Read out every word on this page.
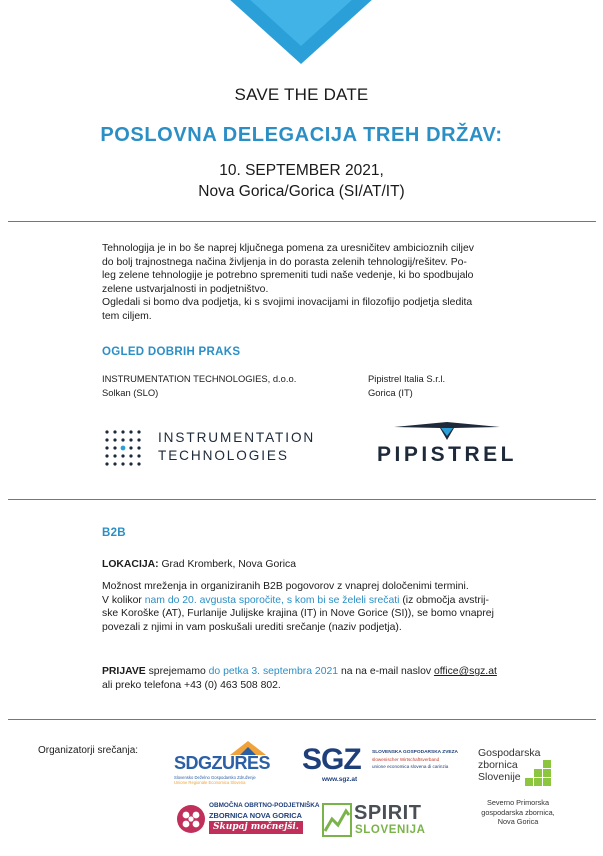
SAVE THE DATE
POSLOVNA DELEGACIJA TREH DRŽAV:
10. SEPTEMBER 2021,
Nova Gorica/Gorica (SI/AT/IT)
Tehnologija je in bo še naprej ključnega pomena za uresničitev ambicioznih ciljev
do bolj trajnostnega načina življenja in do porasta zelenih tehnologij/rešitev. Po-
leg zelene tehnologije je potrebno spremeniti tudi naše vedenje, ki bo spodbujalo
zelene ustvarjalnosti in podjetništvo.
Ogledali si bomo dva podjetja, ki s svojimi inovacijami in filozofijo podjetja sledita
tem ciljem.
OGLED DOBRIH PRAKS
INSTRUMENTATION TECHNOLOGIES, d.o.o.
Solkan (SLO)
Pipistrel Italia S.r.l.
Gorica (IT)
INSTRUMENTATION
TECHNOLOGIES	PIPISTREL
B2B
LOKACIJA: Grad Kromberk, Nova Gorica
Možnost mreženja in organiziranih B2B pogovorov z vnaprej določenimi termini.
V kolikor nam do 20. avgusta sporočite, s kom bi se želeli srečati (iz območja avstrij-
ske Koroške (AT), Furlanije Julijske krajina (IT) in Nove Gorice (SI)), se bomo vnaprej
povezali z njimi in vam poskušali urediti srečanje (naziv podjetja).
PRIJAVE sprejemamo do petka 3. septembra 2021 na na e-mail naslov office@sgz.at
ali preko telefona +43 (0) 463 508 802.
Organizatorji srečanja:
SDGZURES
Slovensko Deželno Gospodarsko Združenje
Unione Regionale Economica Slovena
SGZ
www.sgz.at
SLOVENSKA GOSPODARSKA ZVEZA
slowenischer Wirtschaftsverband
unione economica slovena di carinzia
Gospodarska
zbornica
Slovenije
Severno Primorska
gospodarska zbornica,
Nova Gorica
OBMOČNA OBRTNO-PODJETNIŠKA
ZBORNICA NOVA GORICA
Skupaj močnejši.
SPIRIT
SLOVENIJA
